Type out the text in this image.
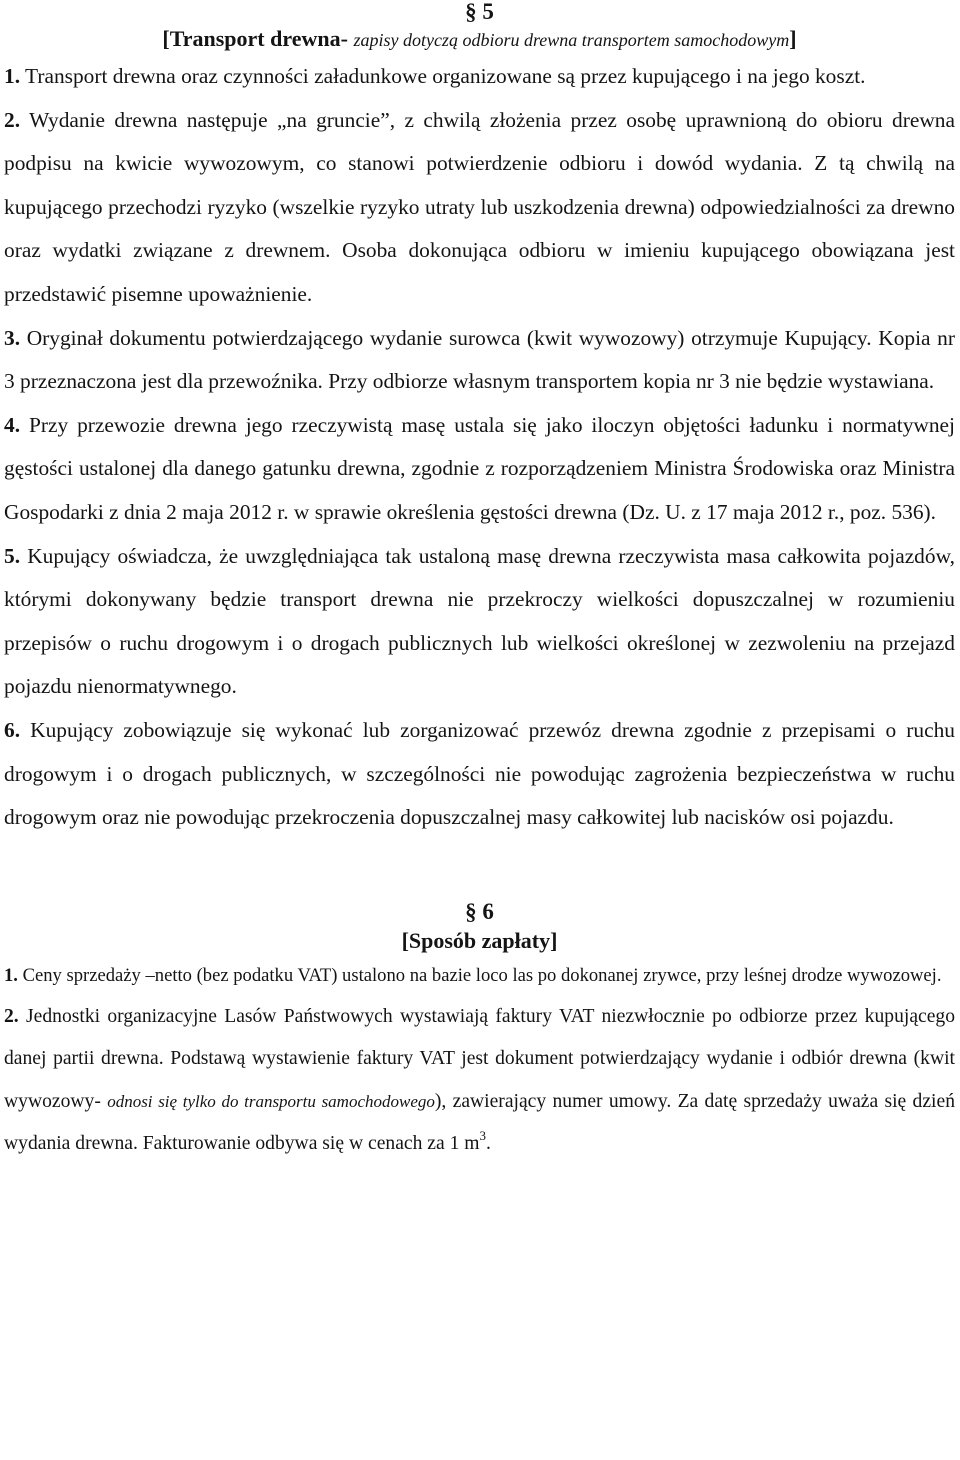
§ 5
[Transport drewna- zapisy dotyczą odbioru drewna transportem samochodowym]

1. Transport drewna oraz czynności załadunkowe organizowane są przez kupującego i na jego koszt.

2. Wydanie drewna następuje „na gruncie”, z chwilą złożenia przez osobę uprawnioną do obioru drewna podpisu na kwicie wywozowym, co stanowi potwierdzenie odbioru i dowód wydania. Z tą chwilą na kupującego przechodzi ryzyko (wszelkie ryzyko utraty lub uszkodzenia drewna) odpowiedzialności za drewno oraz wydatki związane z drewnem. Osoba dokonująca odbioru w imieniu kupującego obowiązana jest przedstawić pisemne upoważnienie.

3. Oryginał dokumentu potwierdzającego wydanie surowca (kwit wywozowy) otrzymuje Kupujący. Kopia nr 3 przeznaczona jest dla przewoźnika. Przy odbiorze własnym transportem kopia nr 3 nie będzie wystawiana.

4. Przy przewozie drewna jego rzeczywistą masę ustala się jako iloczyn objętości ładunku i normatywnej gęstości ustalonej dla danego gatunku drewna, zgodnie z rozporządzeniem Ministra Środowiska oraz Ministra Gospodarki z dnia 2 maja 2012 r. w sprawie określenia gęstości drewna (Dz. U. z 17 maja 2012 r., poz. 536).

5. Kupujący oświadcza, że uwzględniająca tak ustaloną masę drewna rzeczywista masa całkowita pojazdów, którymi dokonywany będzie transport drewna nie przekroczy wielkości dopuszczalnej w rozumieniu przepisów o ruchu drogowym i o drogach publicznych lub wielkości określonej w zezwoleniu na przejazd pojazdu nienormatywnego.

6. Kupujący zobowiązuje się wykonać lub zorganizować przewóz drewna zgodnie z przepisami o ruchu drogowym i o drogach publicznych, w szczególności nie powodując zagrożenia bezpieczeństwa w ruchu drogowym oraz nie powodując przekroczenia dopuszczalnej masy całkowitej lub nacisków osi pojazdu.

§ 6
[Sposób zapłaty]

1. Ceny sprzedaży –netto (bez podatku VAT) ustalono na bazie loco las po dokonanej zrywce, przy leśnej drodze wywozowej.

2. Jednostki organizacyjne Lasów Państwowych wystawiają faktury VAT niezwłocznie po odbiorze przez kupującego danej partii drewna. Podstawą wystawienie faktury VAT jest dokument potwierdzający wydanie i odbiór drewna (kwit wywozowy- odnosi się tylko do transportu samochodowego), zawierający numer umowy. Za datę sprzedaży uważa się dzień wydania drewna. Fakturowanie odbywa się w cenach za 1 $m^3$.
